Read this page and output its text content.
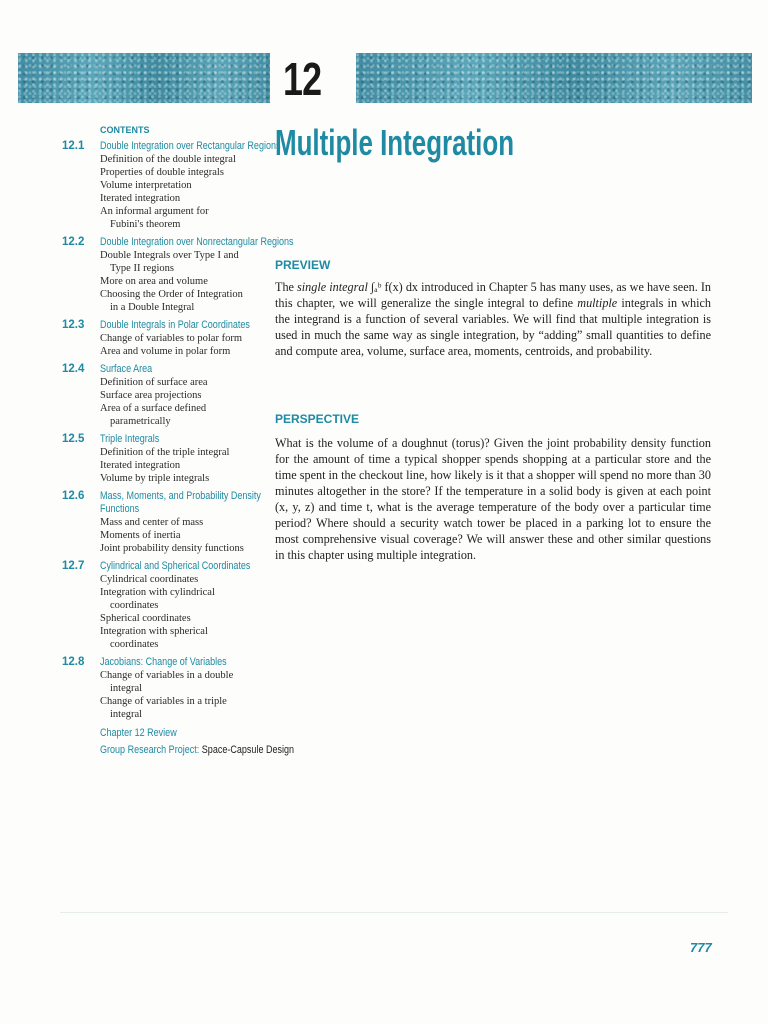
12
Multiple Integration
CONTENTS
12.1 Double Integration over Rectangular Regions
Definition of the double integral
Properties of double integrals
Volume interpretation
Iterated integration
An informal argument for
Fubini's theorem
12.2 Double Integration over Nonrectangular Regions
Double Integrals over Type I and
Type II regions
More on area and volume
Choosing the Order of Integration
in a Double Integral
12.3 Double Integrals in Polar Coordinates
Change of variables to polar form
Area and volume in polar form
12.4 Surface Area
Definition of surface area
Surface area projections
Area of a surface defined
parametrically
12.5 Triple Integrals
Definition of the triple integral
Iterated integration
Volume by triple integrals
12.6 Mass, Moments, and Probability Density Functions
Mass and center of mass
Moments of inertia
Joint probability density functions
12.7 Cylindrical and Spherical Coordinates
Cylindrical coordinates
Integration with cylindrical
coordinates
Spherical coordinates
Integration with spherical
coordinates
12.8 Jacobians: Change of Variables
Change of variables in a double
integral
Change of variables in a triple
integral
Chapter 12 Review
Group Research Project: Space-Capsule Design
PREVIEW
The single integral ∫ₐᵇ f(x) dx introduced in Chapter 5 has many uses, as we have seen. In this chapter, we will generalize the single integral to define multiple integrals in which the integrand is a function of several variables. We will find that multiple integration is used in much the same way as single integration, by “adding” small quantities to define and compute area, volume, surface area, moments, centroids, and probability.
PERSPECTIVE
What is the volume of a doughnut (torus)? Given the joint probability density function for the amount of time a typical shopper spends shopping at a particular store and the time spent in the checkout line, how likely is it that a shopper will spend no more than 30 minutes altogether in the store? If the temperature in a solid body is given at each point (x, y, z) and time t, what is the average temperature of the body over a particular time period? Where should a security watch tower be placed in a parking lot to ensure the most comprehensive visual coverage? We will answer these and other similar questions in this chapter using multiple integration.
777
